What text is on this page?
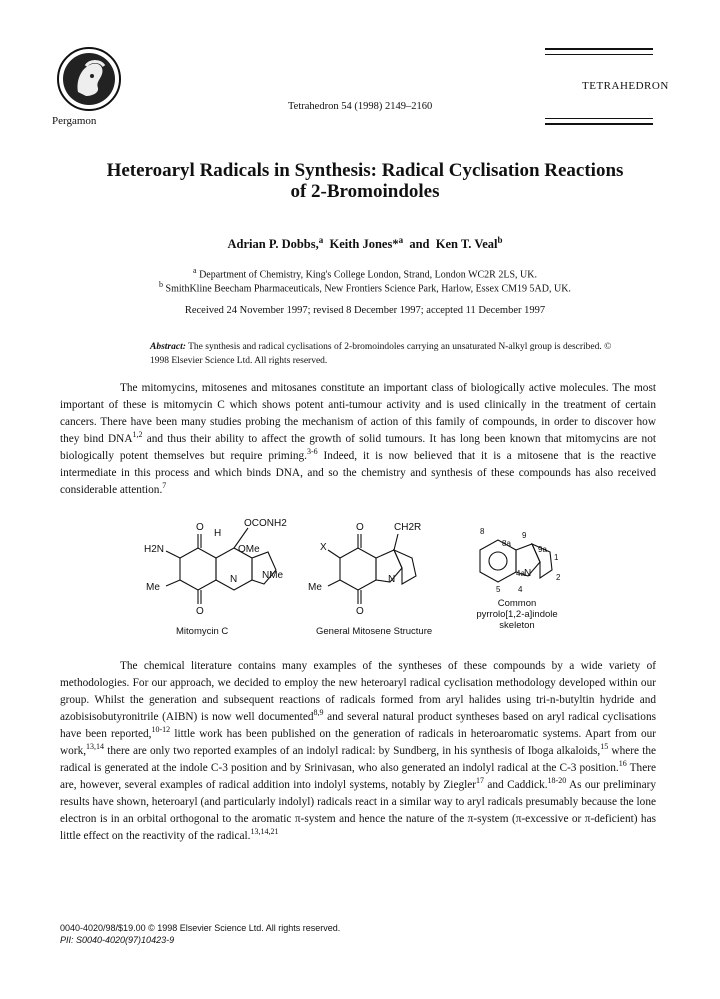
Pergamon
Tetrahedron 54 (1998) 2149–2160
TETRAHEDRON
Heteroaryl Radicals in Synthesis: Radical Cyclisation Reactions
of 2-Bromoindoles
Adrian P. Dobbs,$^a$ Keith Jones*$^a$ and Ken T. Veal$^b$
$^a$ Department of Chemistry, King's College London, Strand, London WC2R 2LS, UK.
$^b$ SmithKline Beecham Pharmaceuticals, New Frontiers Science Park, Harlow, Essex CM19 5AD, UK.
Received 24 November 1997; revised 8 December 1997; accepted 11 December 1997
Abstract: The synthesis and radical cyclisations of 2-bromoindoles carrying an unsaturated N-alkyl group is described. © 1998 Elsevier Science Ltd. All rights reserved.
The mitomycins, mitosenes and mitosanes constitute an important class of biologically active molecules. The most important of these is mitomycin C which shows potent anti-tumour activity and is used clinically in the treatment of certain cancers. There have been many studies probing the mechanism of action of this family of compounds, in order to discover how they bind DNA$^{1,2}$ and thus their ability to affect the growth of solid tumours. It has long been known that mitomycins are not biologically potent themselves but require priming.$^{3-6}$ Indeed, it is now believed that it is a mitosene that is the reactive intermediate in this process and which binds DNA, and so the chemistry and synthesis of these compounds has also received considerable attention.$^7$
O
H
OCONH2
H2N	OMe
Me
N NMe
O
O
X
CH2R
Me
N
O
8
8a
9
9a
1
2
4a N
5 4
Mitomycin C	General Mitosene Structure
Common
pyrrolo[1,2-a]indole
skeleton
The chemical literature contains many examples of the syntheses of these compounds by a wide variety of methodologies. For our approach, we decided to employ the new heteroaryl radical cyclisation methodology developed within our group. Whilst the generation and subsequent reactions of radicals formed from aryl halides using tri-n-butyltin hydride and azobisisobutyronitrile (AIBN) is now well documented$^{8,9}$ and several natural product syntheses based on aryl radical cyclisations have been reported,$^{10-12}$ little work has been published on the generation of radicals in heteroaromatic systems. Apart from our work,$^{13,14}$ there are only two reported examples of an indolyl radical: by Sundberg, in his synthesis of Iboga alkaloids,$^{15}$ where the radical is generated at the indole C-3 position and by Srinivasan, who also generated an indolyl radical at the C-3 position.$^{16}$ There are, however, several examples of radical addition into indolyl systems, notably by Ziegler$^{17}$ and Caddick.$^{18-20}$ As our preliminary results have shown, heteroaryl (and particularly indolyl) radicals react in a similar way to aryl radicals presumably because the lone electron is in an orbital orthogonal to the aromatic π-system and hence the nature of the π-system (π-excessive or π-deficient) has little effect on the reactivity of the radical.$^{13,14,21}$
0040-4020/98/$19.00 © 1998 Elsevier Science Ltd. All rights reserved.
PII: S0040-4020(97)10423-9
